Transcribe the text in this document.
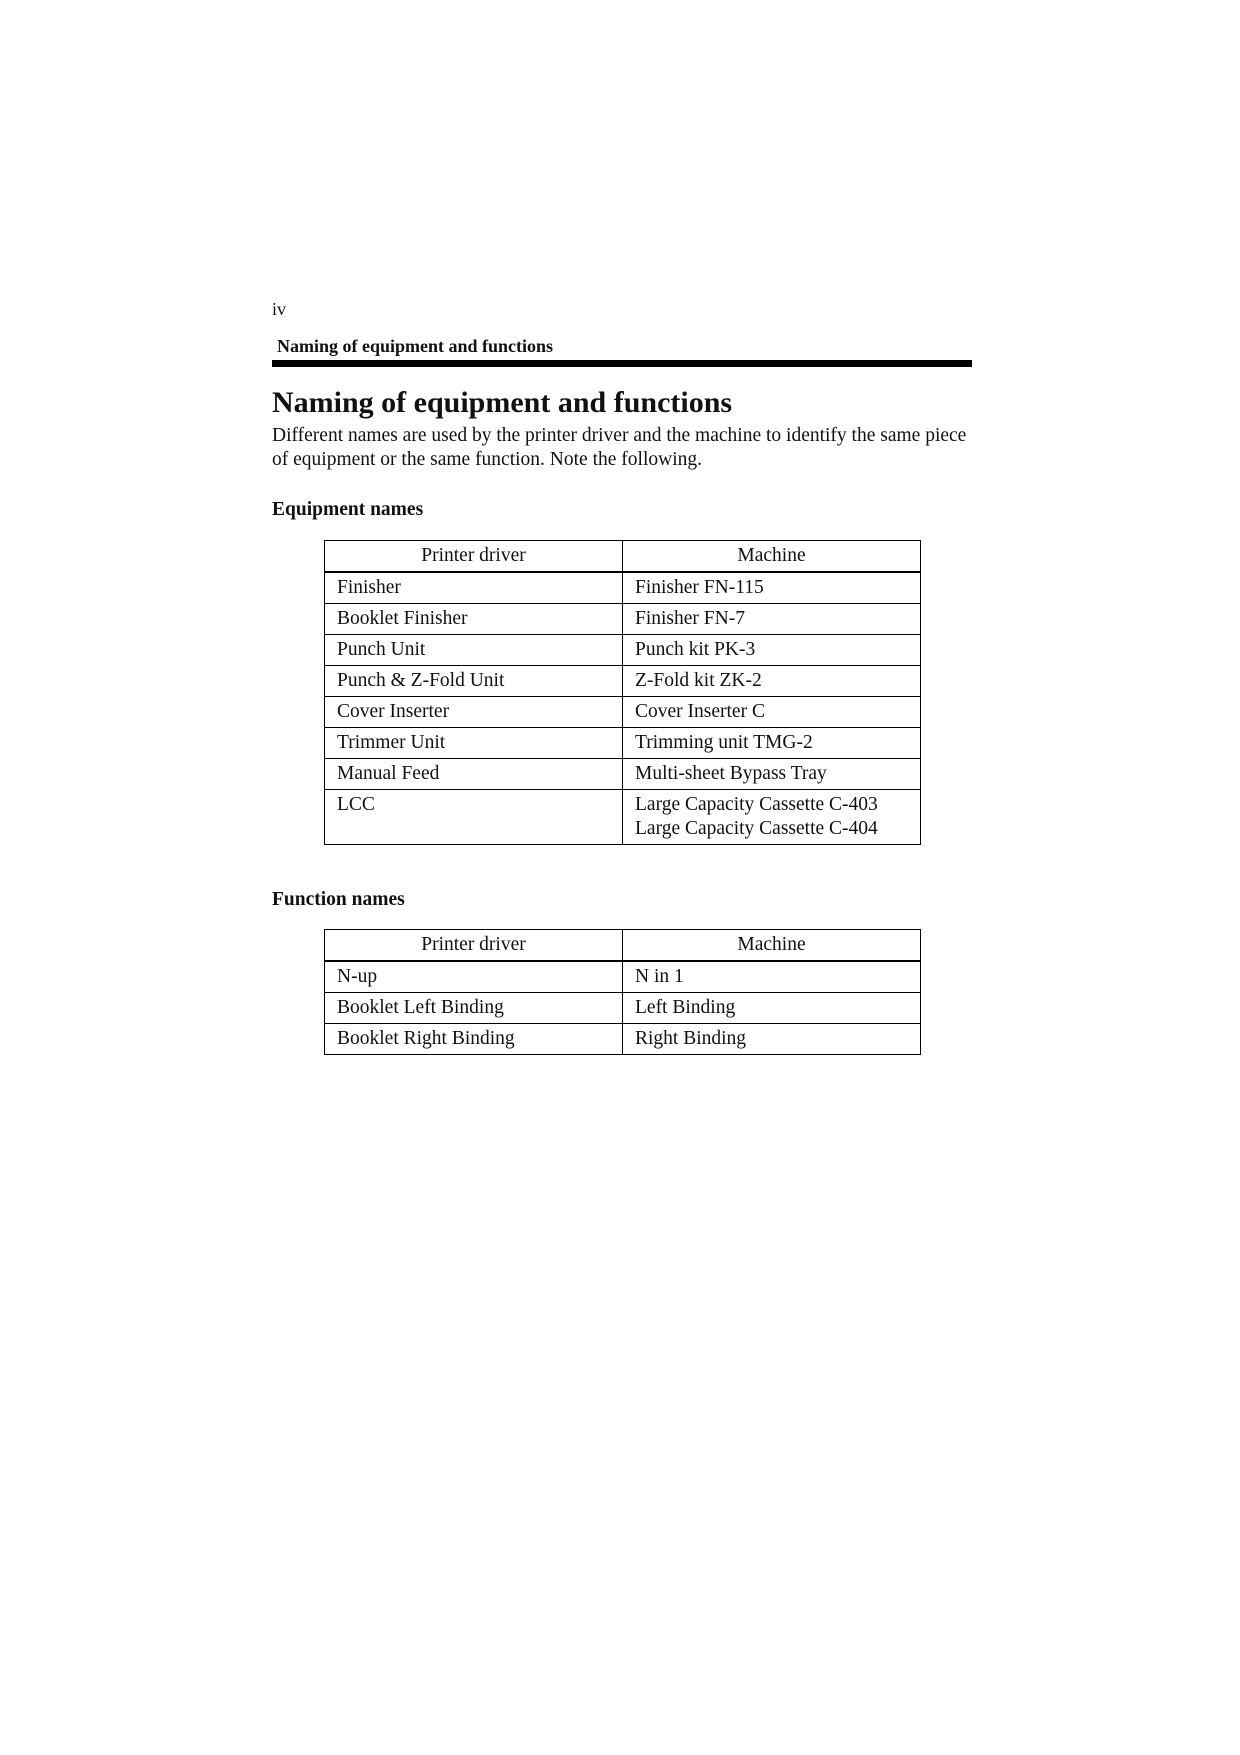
iv
Naming of equipment and functions
Naming of equipment and functions

Different names are used by the printer driver and the machine to identify the same piece of equipment or the same function. Note the following.

Equipment names
Printer driver	Machine
Finisher	Finisher FN-115

Booklet Finisher	Finisher FN-7

Punch Unit	Punch kit PK-3

Punch & Z-Fold Unit	Z-Fold kit ZK-2

Cover Inserter	Cover Inserter C

Trimmer Unit	Trimming unit TMG-2

Manual Feed	Multi-sheet Bypass Tray

LCC	Large Capacity Cassette C-403
Large Capacity Cassette C-404
Function names
Printer driver	Machine
N-up	N in 1

Booklet Left Binding	Left Binding

Booklet Right Binding	Right Binding
